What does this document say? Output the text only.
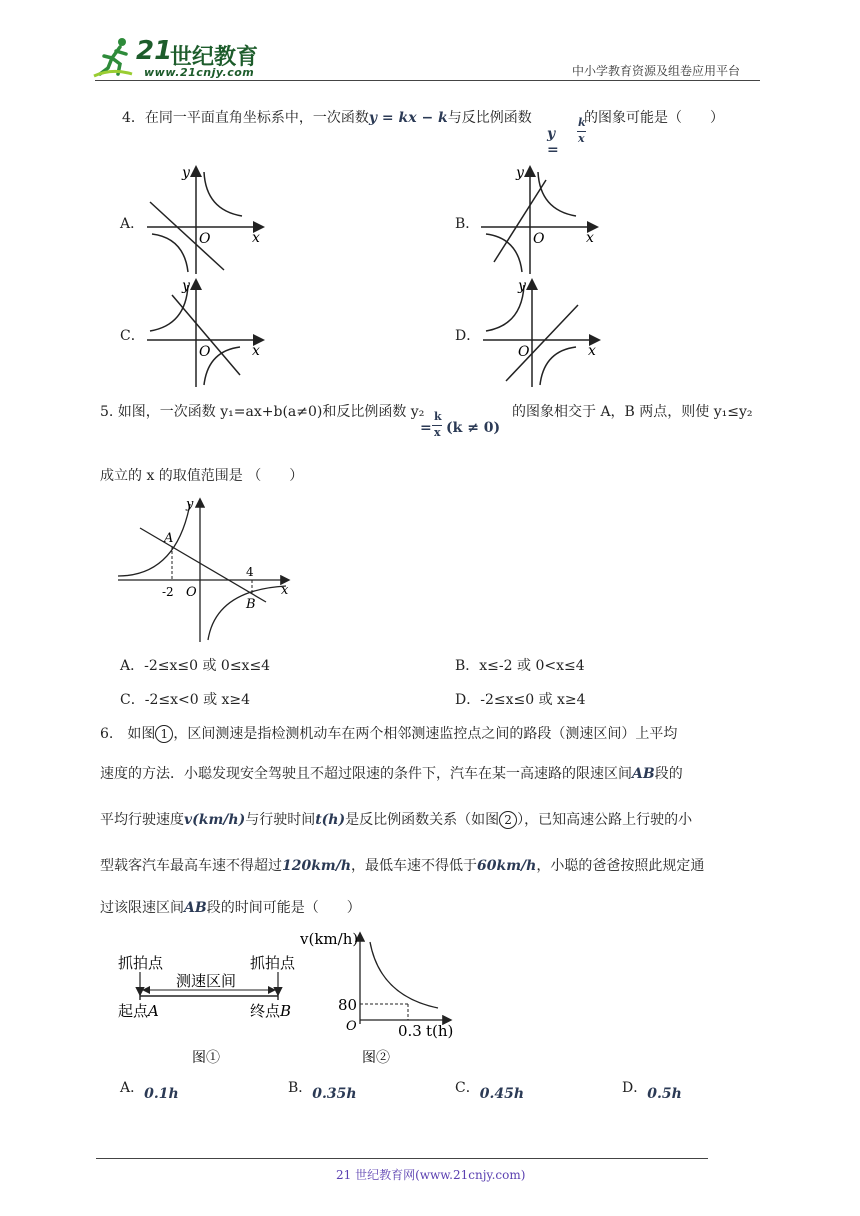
21
世纪教育
www.21cnjy.com	中小学教育资源及组卷应用平台
4．在同一平面直角坐标系中，一次函数y = kx − k与反比例函数
y =
k
x
的图象可能是（　　）
A．	B．
C．	D．
y
x
O
y
x
O
y
x
O
y
x
O
5. 如图，一次函数 y₁=ax+b(a≠0)和反比例函数 y₂
=
k
x (k ≠ 0)
的图象相交于 A，B 两点，则使 y₁≤y₂
成立的 x 的取值范围是 （　　）
y
x
O
A
B
-2
4
A．-2≤x≤0 或 0≤x≤4	B．x≤-2 或 0<x≤4
C．-2≤x<0 或 x≥4	D．-2≤x≤0 或 x≥4
6.　如图 1 ，区间测速是指检测机动车在两个相邻测速监控点之间的路段（测速区间）上平均
速度的方法．小聪发现安全驾驶且不超过限速的条件下，汽车在某一高速路的限速区间AB段的
平均行驶速度v(km/h)与行驶时间t(h)是反比例函数关系（如图 2 ），已知高速公路上行驶的小
型载客汽车最高车速不得超过120km/h，最低车速不得低于60km/h，小聪的爸爸按照此规定通
过该限速区间AB段的时间可能是（　　）
抓拍点	抓拍点
测速区间
起点A	终点B
图①
v(km/h)
80
O	0.3 t(h)
图②
A．0.1h	B．0.35h	C．0.45h	D．0.5h
21 世纪教育网(www.21cnjy.com)
